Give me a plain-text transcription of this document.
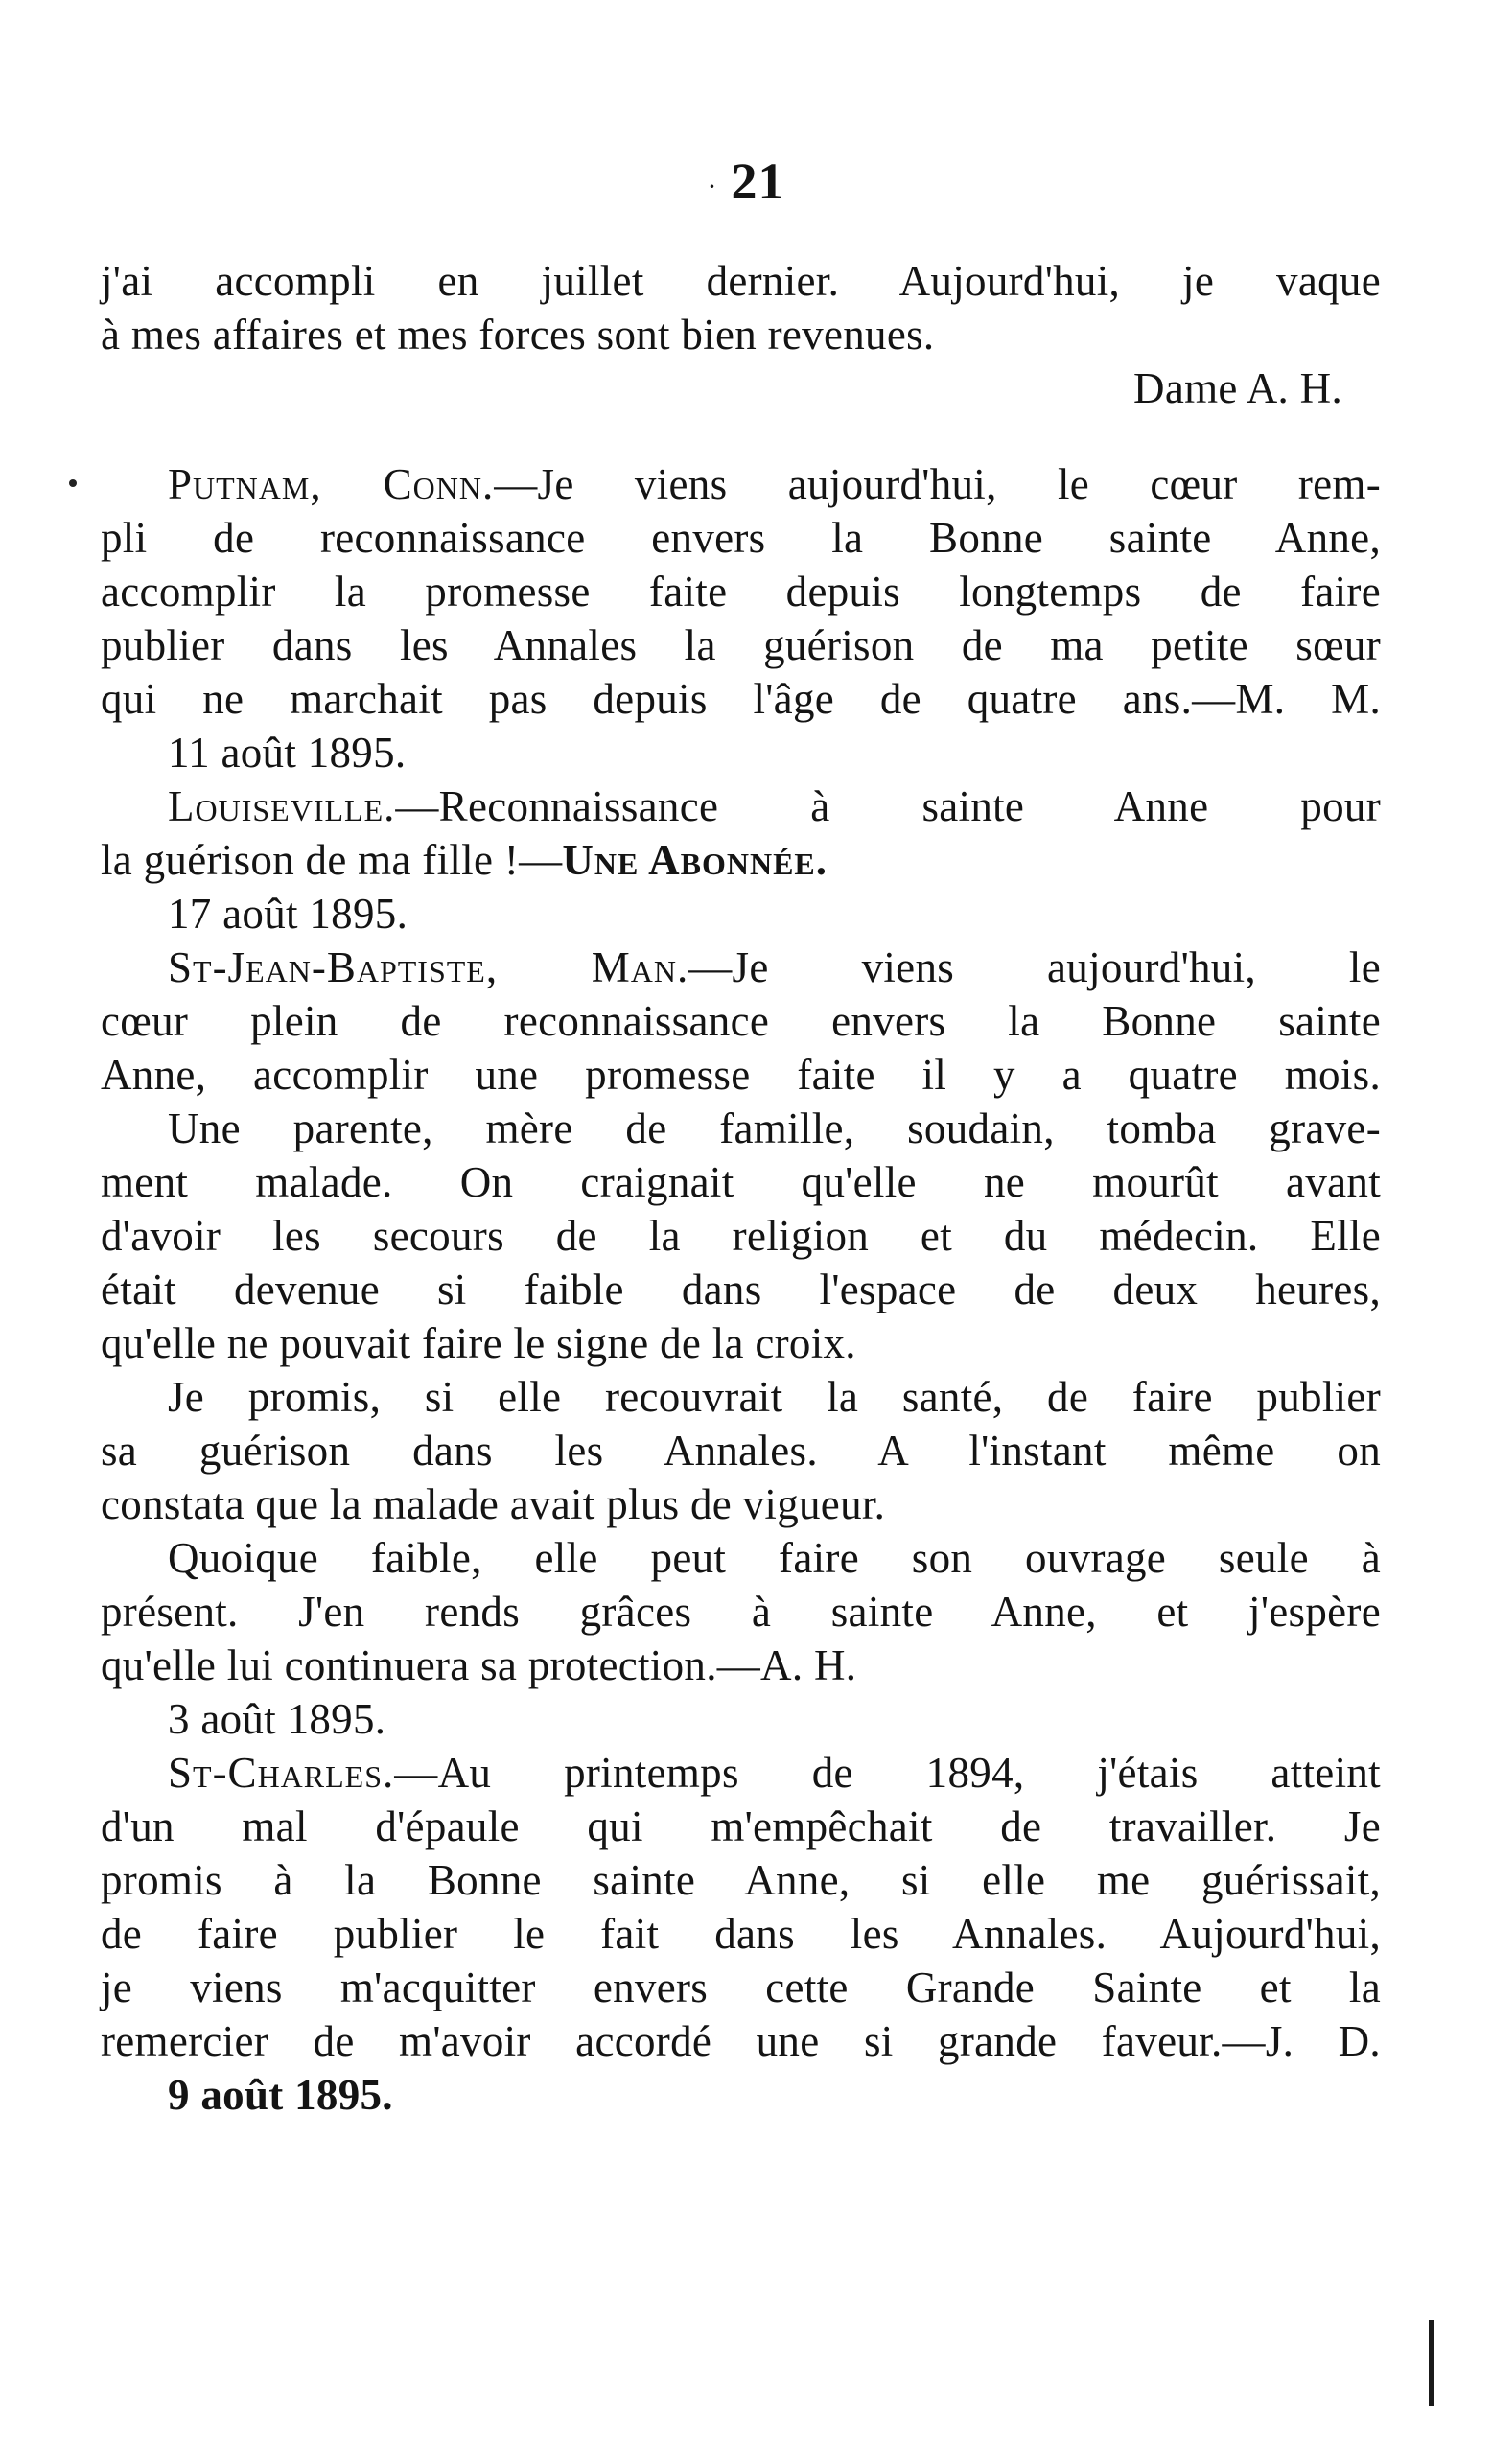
· 21
j'ai accompli en juillet dernier. Aujourd'hui, je vaque
à mes affaires et mes forces sont bien revenues.
Dame A. H.
Putnam, Conn.—Je viens aujourd'hui, le cœur rem-
pli de reconnaissance envers la Bonne sainte Anne,
accomplir la promesse faite depuis longtemps de faire
publier dans les Annales la guérison de ma petite sœur
qui ne marchait pas depuis l'âge de quatre ans.—M. M.
11 août 1895.
Louiseville.—Reconnaissance à sainte Anne pour
la guérison de ma fille !—Une Abonnée.
17 août 1895.
St-Jean-Baptiste, Man.—Je viens aujourd'hui, le
cœur plein de reconnaissance envers la Bonne sainte
Anne, accomplir une promesse faite il y a quatre mois.
Une parente, mère de famille, soudain, tomba grave-
ment malade. On craignait qu'elle ne mourût avant
d'avoir les secours de la religion et du médecin. Elle
était devenue si faible dans l'espace de deux heures,
qu'elle ne pouvait faire le signe de la croix.
Je promis, si elle recouvrait la santé, de faire publier
sa guérison dans les Annales. A l'instant même on
constata que la malade avait plus de vigueur.
Quoique faible, elle peut faire son ouvrage seule à
présent. J'en rends grâces à sainte Anne, et j'espère
qu'elle lui continuera sa protection.—A. H.
3 août 1895.
St-Charles.—Au printemps de 1894, j'étais atteint
d'un mal d'épaule qui m'empêchait de travailler. Je
promis à la Bonne sainte Anne, si elle me guérissait,
de faire publier le fait dans les Annales. Aujourd'hui,
je viens m'acquitter envers cette Grande Sainte et la
remercier de m'avoir accordé une si grande faveur.—J. D.
9 août 1895.
